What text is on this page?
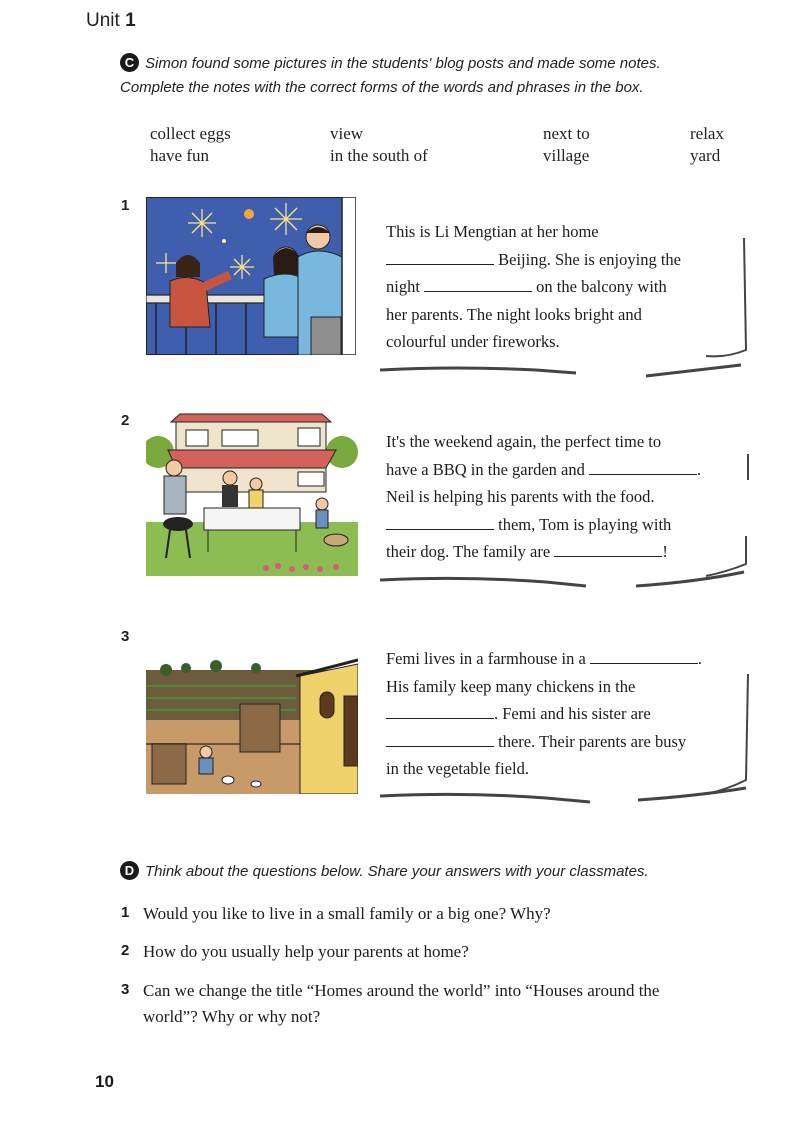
Unit 1
C Simon found some pictures in the students' blog posts and made some notes.
Complete the notes with the correct forms of the words and phrases in the box.
collect eggs	view	next to	relax
have fun	in the south of	village	yard
1
This is Li Mengtian at her home
Beijing. She is enjoying the
night	on the balcony with
her parents. The night looks bright and
colourful under fireworks.
2
It's the weekend again, the perfect time to
have a BBQ in the garden and	.
Neil is helping his parents with the food.
them, Tom is playing with
their dog. The family are	!
3
Femi lives in a farmhouse in a	.
His family keep many chickens in the
. Femi and his sister are
there. Their parents are busy
in the vegetable field.
D Think about the questions below. Share your answers with your classmates.
1 Would you like to live in a small family or a big one? Why?
2 How do you usually help your parents at home?
3 Can we change the title “Homes around the world” into “Houses around the
world”? Why or why not?
10
